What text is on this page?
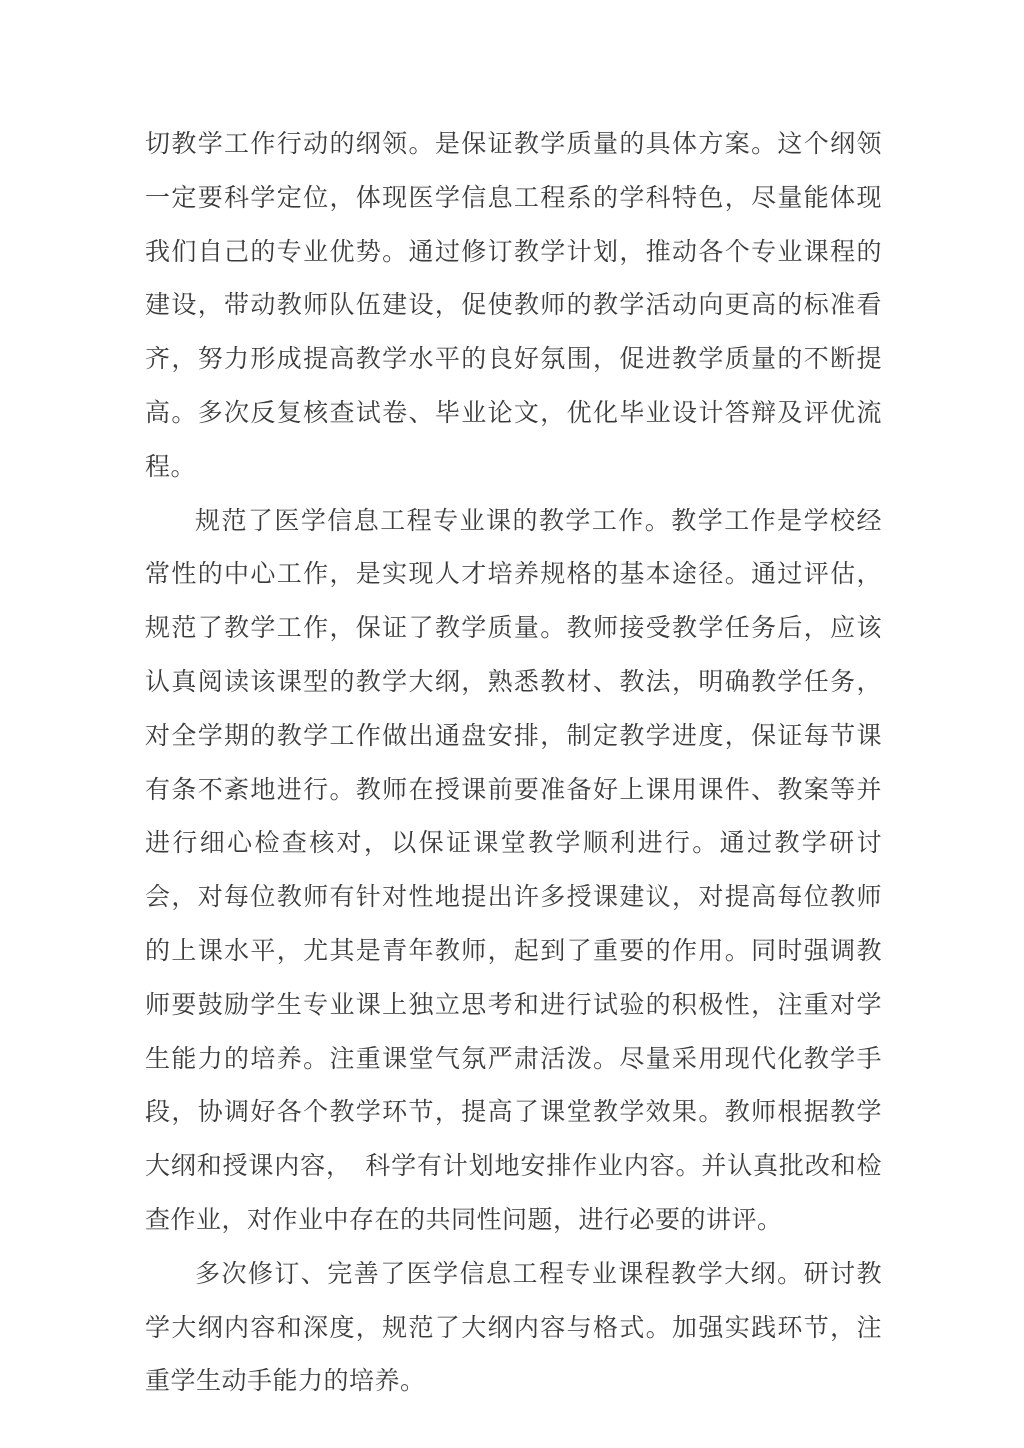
切教学工作行动的纲领。是保证教学质量的具体方案。这个纲领一定要科学定位，体现医学信息工程系的学科特色，尽量能体现我们自己的专业优势。通过修订教学计划，推动各个专业课程的建设，带动教师队伍建设，促使教师的教学活动向更高的标准看齐，努力形成提高教学水平的良好氛围，促进教学质量的不断提高。多次反复核查试卷、毕业论文，优化毕业设计答辩及评优流程。

规范了医学信息工程专业课的教学工作。教学工作是学校经常性的中心工作，是实现人才培养规格的基本途径。通过评估，规范了教学工作，保证了教学质量。教师接受教学任务后，应该认真阅读该课型的教学大纲，熟悉教材、教法，明确教学任务，对全学期的教学工作做出通盘安排，制定教学进度，保证每节课有条不紊地进行。教师在授课前要准备好上课用课件、教案等并进行细心检查核对，以保证课堂教学顺利进行。通过教学研讨会，对每位教师有针对性地提出许多授课建议，对提高每位教师的上课水平，尤其是青年教师，起到了重要的作用。同时强调教师要鼓励学生专业课上独立思考和进行试验的积极性，注重对学生能力的培养。注重课堂气氛严肃活泼。尽量采用现代化教学手段，协调好各个教学环节，提高了课堂教学效果。教师根据教学大纲和授课内容，　科学有计划地安排作业内容。并认真批改和检查作业，对作业中存在的共同性问题，进行必要的讲评。

多次修订、完善了医学信息工程专业课程教学大纲。研讨教学大纲内容和深度，规范了大纲内容与格式。加强实践环节，注重学生动手能力的培养。
